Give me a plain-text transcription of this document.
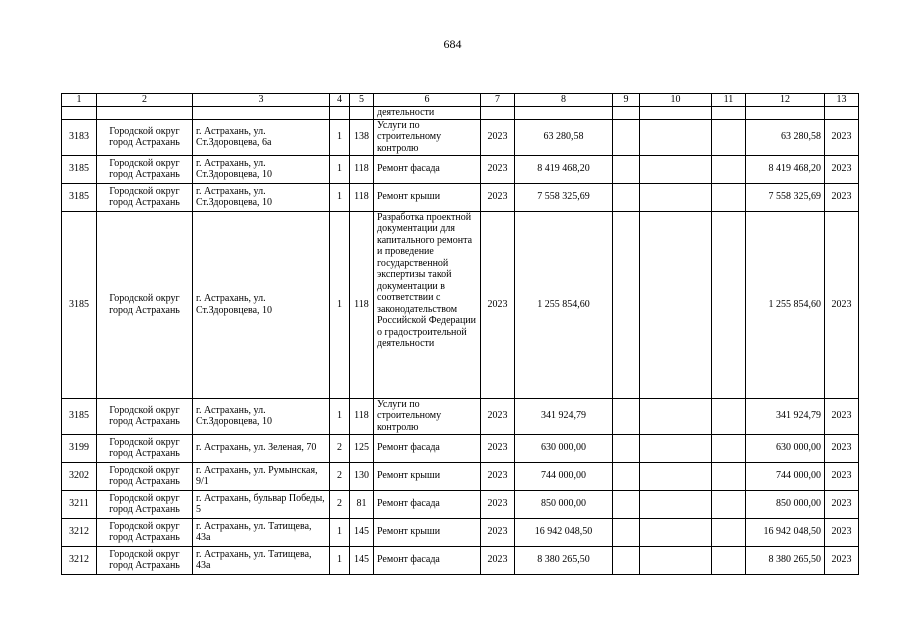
684
1	2	3	4	5	6	7	8	9	10	11	12	13
					деятельности							
3183	Городской округ город Астрахань	г. Астрахань, ул. Ст.Здоровцева, 6а	1	138	Услуги по строительному контролю	2023	63 280,58				63 280,58	2023
3185	Городской округ город Астрахань	г. Астрахань, ул. Ст.Здоровцева, 10	1	118	Ремонт фасада	2023	8 419 468,20				8 419 468,20	2023
3185	Городской округ город Астрахань	г. Астрахань, ул. Ст.Здоровцева, 10	1	118	Ремонт крыши	2023	7 558 325,69				7 558 325,69	2023
3185	Городской округ город Астрахань	г. Астрахань, ул. Ст.Здоровцева, 10	1	118	Разработка проектной документации для капитального ремонта и проведение государственной экспертизы такой документации в соответствии с законодательством Российской Федерации о градостроительной деятельности	2023	1 255 854,60				1 255 854,60	2023
3185	Городской округ город Астрахань	г. Астрахань, ул. Ст.Здоровцева, 10	1	118	Услуги по строительному контролю	2023	341 924,79				341 924,79	2023
3199	Городской округ город Астрахань	г. Астрахань, ул. Зеленая, 70	2	125	Ремонт фасада	2023	630 000,00				630 000,00	2023
3202	Городской округ город Астрахань	г. Астрахань, ул. Румынская, 9/1	2	130	Ремонт крыши	2023	744 000,00				744 000,00	2023
3211	Городской округ город Астрахань	г. Астрахань, бульвар Победы, 5	2	81	Ремонт фасада	2023	850 000,00				850 000,00	2023
3212	Городской округ город Астрахань	г. Астрахань, ул. Татищева, 43а	1	145	Ремонт крыши	2023	16 942 048,50				16 942 048,50	2023
3212	Городской округ город Астрахань	г. Астрахань, ул. Татищева, 43а	1	145	Ремонт фасада	2023	8 380 265,50				8 380 265,50	2023
